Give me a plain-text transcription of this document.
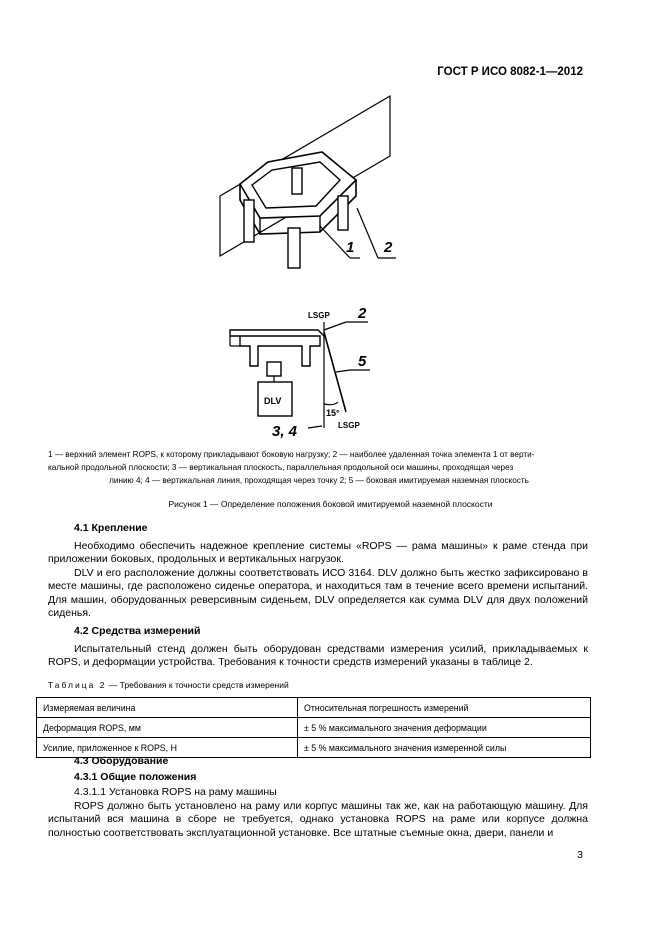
ГОСТ Р ИСО 8082-1—2012
1 2
LSGP 2
5
DLV
15°
LSGP
3, 4
1 — верхний элемент ROPS, к которому прикладывают боковую нагрузку; 2 — наиболее удаленная точка элемента 1 от верти-
кальной продольной плоскости; 3 — вертикальная плоскость, параллельная продольной оси машины, проходящая через
линию 4; 4 — вертикальная линия, проходящая через точку 2; 5 — боковая имитируемая наземная плоскость
Рисунок 1 — Определение положения боковой имитируемой наземной плоскости
4.1 Крепление
Необходимо обеспечить надежное крепление системы «ROPS — рама машины» к раме стенда при приложении боковых, продольных и вертикальных нагрузок.
DLV и его расположение должны соответствовать ИСО 3164. DLV должно быть жестко зафиксировано в месте машины, где расположено сиденье оператора, и находиться там в течение всего времени испытаний. Для машин, оборудованных реверсивным сиденьем, DLV определяется как сумма DLV для двух положений сиденья.
4.2 Средства измерений
Испытательный стенд должен быть оборудован средствами измерения усилий, прикладываемых к ROPS, и деформации устройства. Требования к точности средств измерений указаны в таблице 2.
Таблица 2 — Требования к точности средств измерений
Измеряемая величина	Относительная погрешность измерений
Деформация ROPS, мм	± 5 % максимального значения деформации
Усилие, приложенное к ROPS, Н	± 5 % максимального значения измеренной силы
4.3 Оборудование
4.3.1 Общие положения
4.3.1.1 Установка ROPS на раму машины
ROPS должно быть установлено на раму или корпус машины так же, как на работающую машину. Для испытаний вся машина в сборе не требуется, однако установка ROPS на раме или корпусе должна полностью соответствовать эксплуатационной установке. Все штатные съемные окна, двери, панели и
3
